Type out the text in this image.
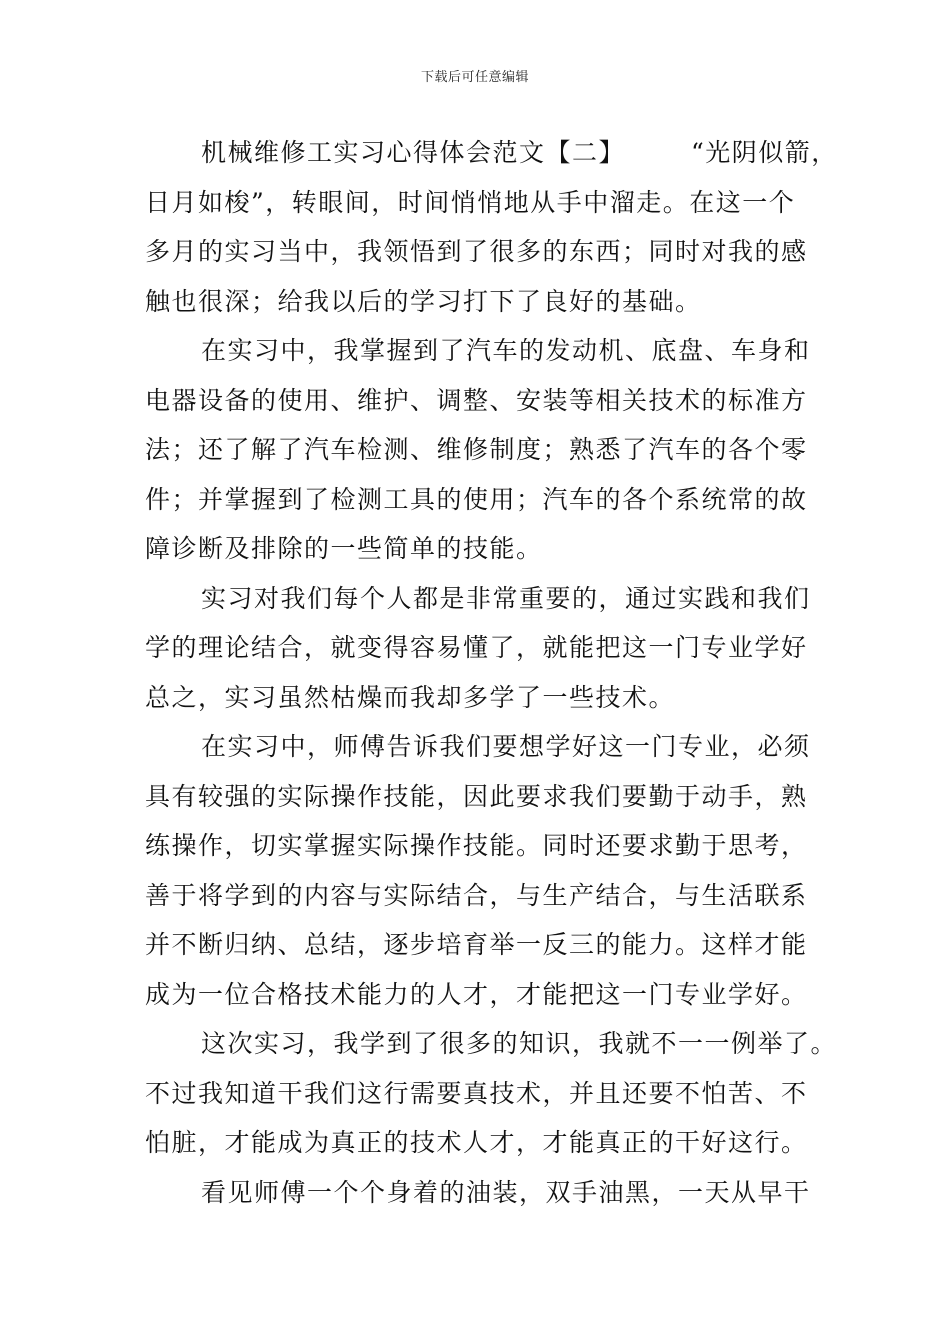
下载后可任意编辑
机械维修工实习心得体会范文【二】	“光阴似箭，
日月如梭”，转眼间，时间悄悄地从手中溜走。在这一个
多月的实习当中，我领悟到了很多的东西；同时对我的感
触也很深；给我以后的学习打下了良好的基础。
在实习中，我掌握到了汽车的发动机、底盘、车身和
电器设备的使用、维护、调整、安装等相关技术的标准方
法；还了解了汽车检测、维修制度；熟悉了汽车的各个零
件；并掌握到了检测工具的使用；汽车的各个系统常的故
障诊断及排除的一些简单的技能。
实习对我们每个人都是非常重要的，通过实践和我们
学的理论结合，就变得容易懂了，就能把这一门专业学好
总之，实习虽然枯燥而我却多学了一些技术。
在实习中，师傅告诉我们要想学好这一门专业，必须
具有较强的实际操作技能，因此要求我们要勤于动手，熟
练操作，切实掌握实际操作技能。同时还要求勤于思考，
善于将学到的内容与实际结合，与生产结合，与生活联系
并不断归纳、总结，逐步培育举一反三的能力。这样才能
成为一位合格技术能力的人才，才能把这一门专业学好。
这次实习，我学到了很多的知识，我就不一一例举了。
不过我知道干我们这行需要真技术，并且还要不怕苦、不
怕脏，才能成为真正的技术人才，才能真正的干好这行。
看见师傅一个个身着的油装，双手油黑，一天从早干
